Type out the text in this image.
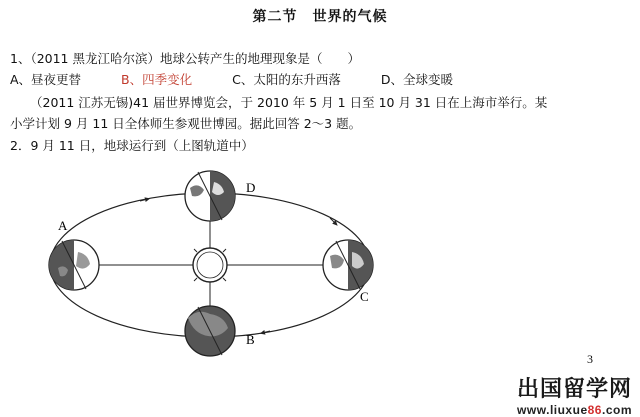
第二节　世界的气候
1、（2011 黑龙江哈尔滨）地球公转产生的地理现象是（　　）
A、昼夜更替	B、四季变化	C、太阳的东升西落	D、全球变暖
（2011 江苏无锡)41 届世界博览会，于 2010 年 5 月 1 日至 10 月 31 日在上海市举行。某
小学计划 9 月 11 日全体师生参观世博园。据此回答 2～3 题。
2．9 月 11 日，地球运行到（上图轨道中）
D
A
C
B
3
出国留学网
www.liuxue86.com
